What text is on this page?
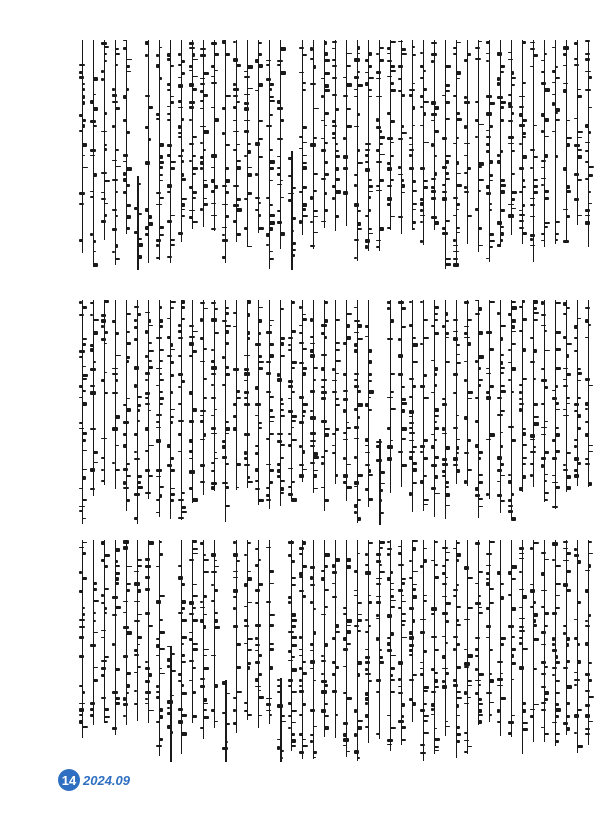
14 2024.09
